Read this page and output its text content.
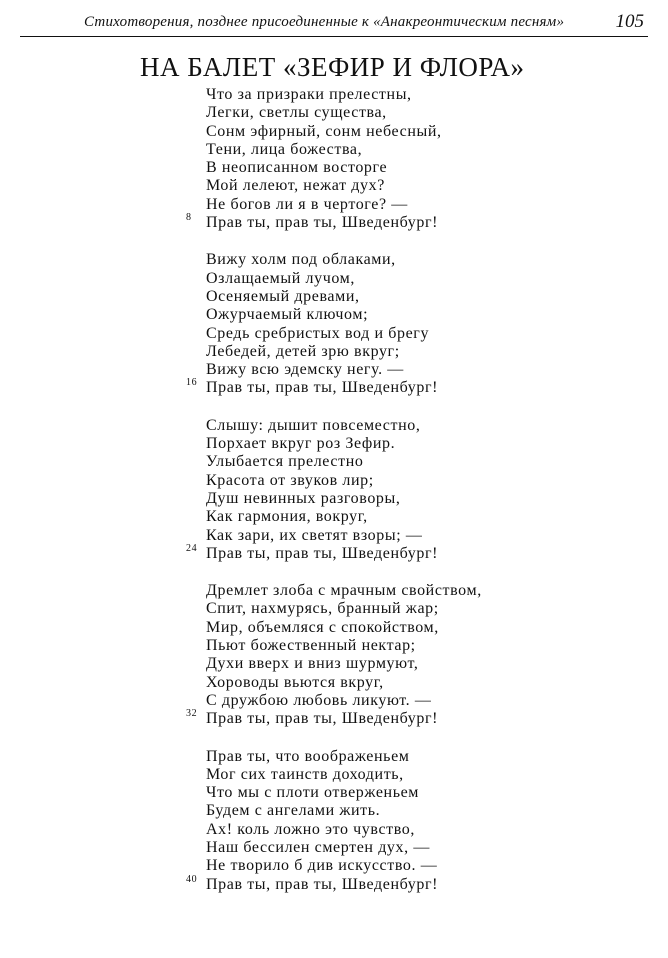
Стихотворения, позднее присоединенные к «Анакреонтическим песням»	105
НА БАЛЕТ «ЗЕФИР И ФЛОРА»
Что за призраки прелестны,
Легки, светлы существа,
Сонм эфирный, сонм небесный,
Тени, лица божества,
В неописанном восторге
Мой лелеют, нежат дух?
Не богов ли я в чертоге? —
8 Прав ты, прав ты, Шведенбург!
Вижу холм под облаками,
Озлащаемый лучом,
Осеняемый древами,
Ожурчаемый ключом;
Средь сребристых вод и брегу
Лебедей, детей зрю вкруг;
Вижу всю эдемску негу. —
16 Прав ты, прав ты, Шведенбург!
Слышу: дышит повсеместно,
Порхает вкруг роз Зефир.
Улыбается прелестно
Красота от звуков лир;
Душ невинных разговоры,
Как гармония, вокруг,
Как зари, их светят взоры; —
24 Прав ты, прав ты, Шведенбург!
Дремлет злоба с мрачным свойством,
Спит, нахмурясь, бранный жар;
Мир, объемляся с спокойством,
Пьют божественный нектар;
Духи вверх и вниз шурмуют,
Хороводы вьются вкруг,
С дружбою любовь ликуют. —
32 Прав ты, прав ты, Шведенбург!
Прав ты, что воображеньем
Мог сих таинств доходить,
Что мы с плоти отверженьем
Будем с ангелами жить.
Ах! коль ложно это чувство,
Наш бессилен смертен дух, —
Не творило б див искусство. —
40 Прав ты, прав ты, Шведенбург!
